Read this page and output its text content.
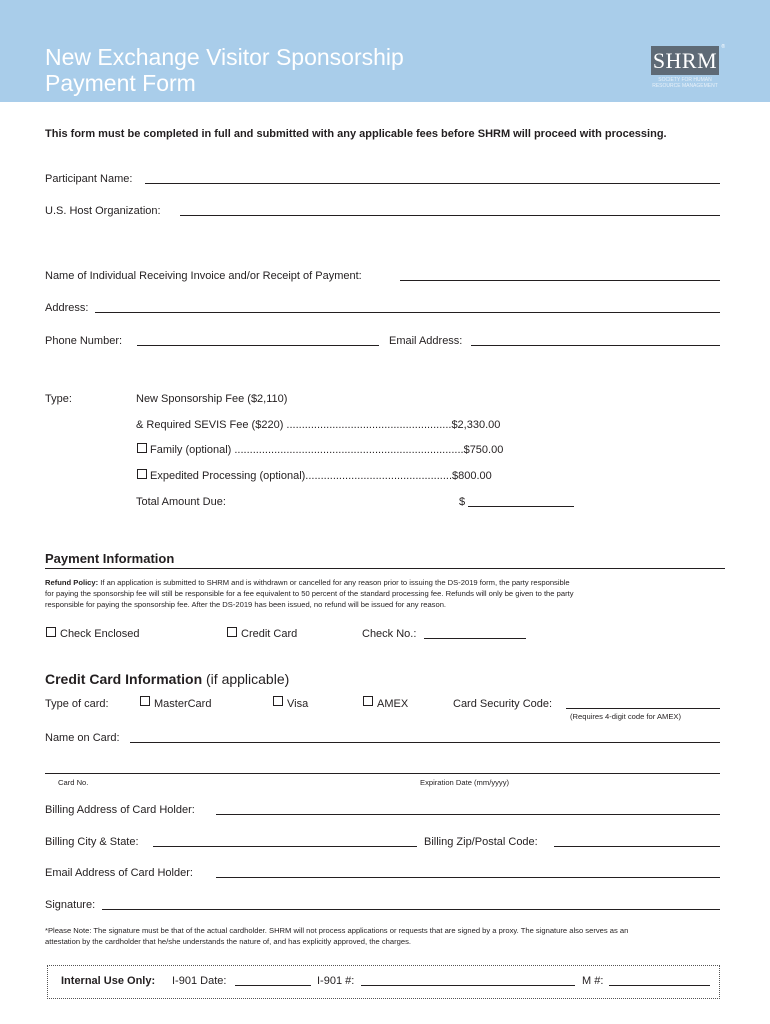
New Exchange Visitor Sponsorship
Payment Form
SHRM
®
SOCIETY FOR HUMAN
RESOURCE MANAGEMENT
This form must be completed in full and submitted with any applicable fees before SHRM will proceed with processing.
Participant Name:
U.S. Host Organization:
Name of Individual Receiving Invoice and/or Receipt of Payment:
Address:
Phone Number:	Email Address:
Type:	New Sponsorship Fee ($2,110)
& Required SEVIS Fee ($220) ......................................................$2,330.00
Family (optional) ...........................................................................$750.00
Expedited Processing (optional)................................................$800.00
Total Amount Due:	$
Payment Information
Refund Policy: If an application is submitted to SHRM and is withdrawn or cancelled for any reason prior to issuing the DS-2019 form, the party responsible
for paying the sponsorship fee will still be responsible for a fee equivalent to 50 percent of the standard processing fee. Refunds will only be given to the party
responsible for paying the sponsorship fee. After the DS-2019 has been issued, no refund will be issued for any reason.
Check Enclosed	Credit Card	Check No.:
Credit Card Information (if applicable)
Type of card:	MasterCard	Visa	AMEX	Card Security Code:
(Requires 4-digit code for AMEX)
Name on Card:
Card No.	Expiration Date (mm/yyyy)
Billing Address of Card Holder:
Billing City & State:	Billing Zip/Postal Code:
Email Address of Card Holder:
Signature:
*Please Note: The signature must be that of the actual cardholder. SHRM will not process applications or requests that are signed by a proxy. The signature also serves as an
attestation by the cardholder that he/she understands the nature of, and has explicitly approved, the charges.
Internal Use Only: I-901 Date:	I-901 #:	M #:
